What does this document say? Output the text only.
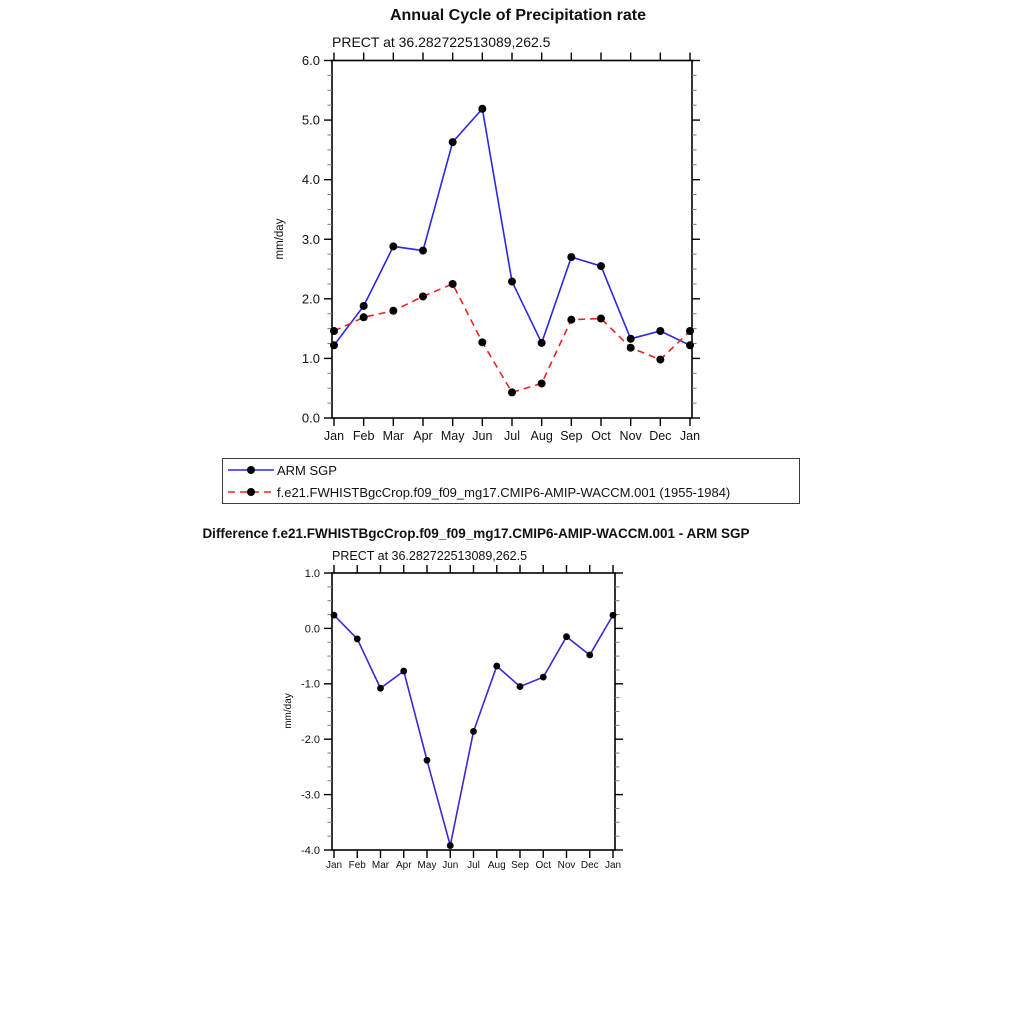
Annual Cycle of Precipitation rate
PRECT at 36.282722513089,262.5
mm/day
0.0
1.0
2.0
3.0
4.0
5.0
6.0
Jan Feb Mar Apr May Jun Jul Aug Sep Oct Nov Dec Jan
Difference f.e21.FWHISTBgcCrop.f09_f09_mg17.CMIP6-AMIP-WACCM.001 - ARM SGP
PRECT at 36.282722513089,262.5
mm/day
-4.0
-3.0
-2.0
-1.0
0.0
1.0
Jan Feb Mar Apr May Jun Jul Aug Sep Oct Nov Dec Jan
ARM SGP
f.e21.FWHISTBgcCrop.f09_f09_mg17.CMIP6-AMIP-WACCM.001 (1955-1984)
